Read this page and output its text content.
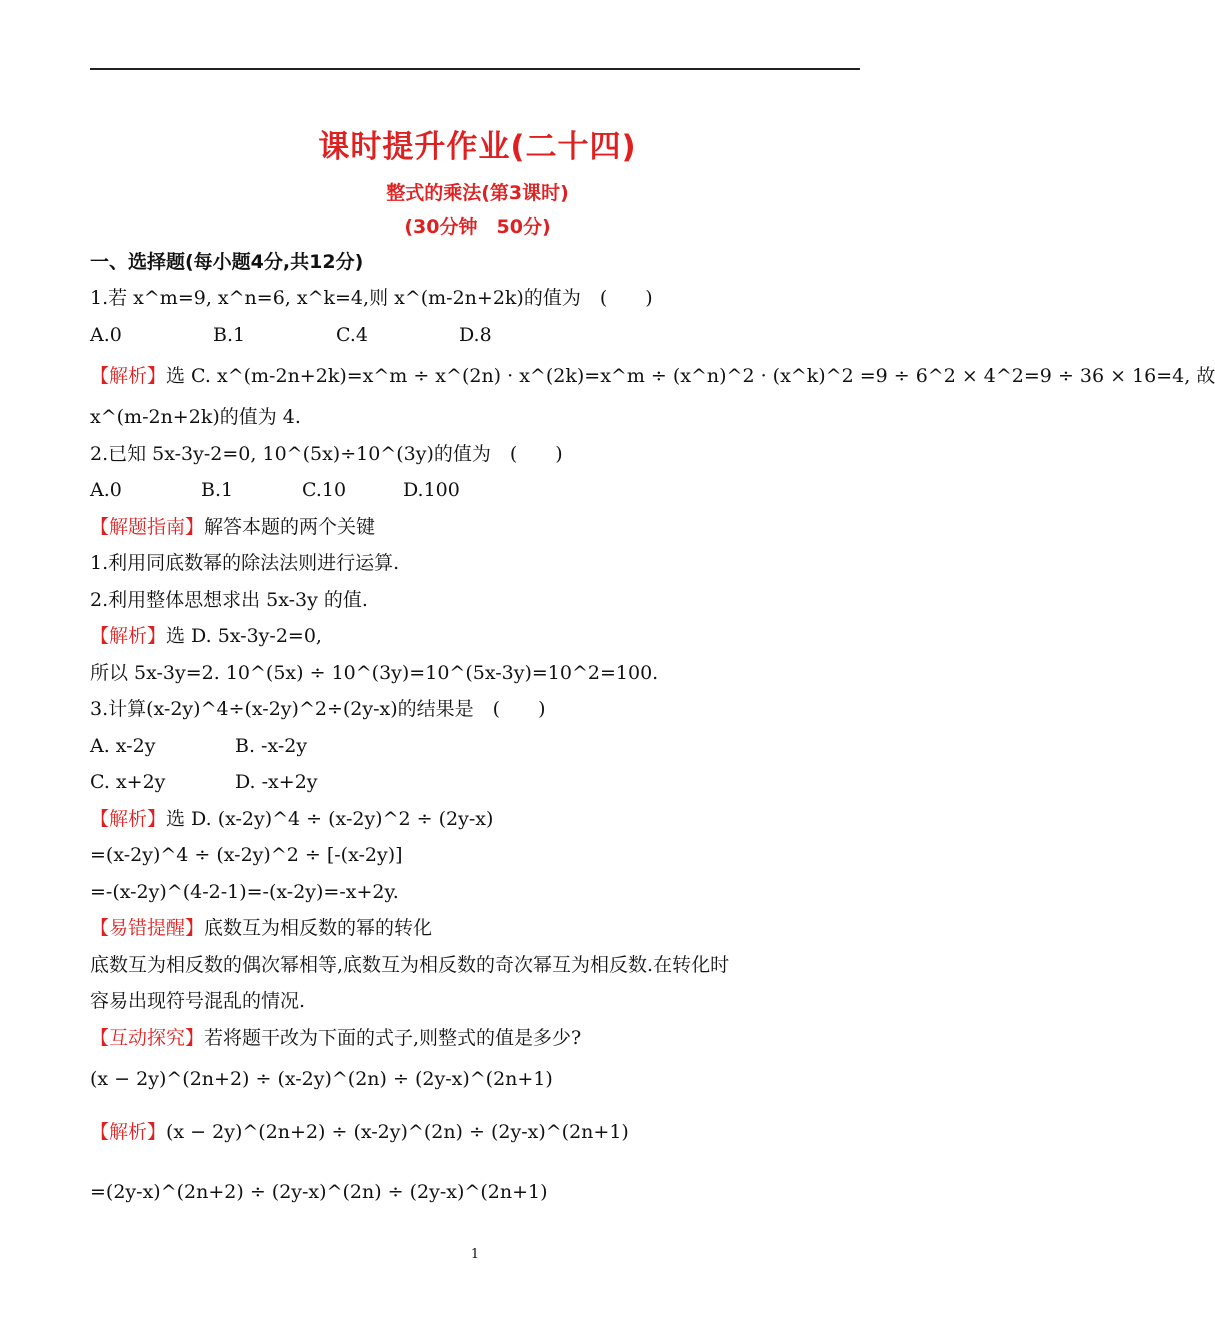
课时提升作业(二十四)
整式的乘法(第3课时)
(30分钟　50分)
一、选择题(每小题4分,共12分)
1.若 x^m=9, x^n=6, x^k=4,则 x^(m-2n+2k)的值为　(　　)
A.0	B.1	C.4	D.8
【解析】选 C. x^(m-2n+2k)=x^m ÷ x^(2n) · x^(2k)=x^m ÷ (x^n)^2 · (x^k)^2 =9 ÷ 6^2 × 4^2=9 ÷ 36 × 16=4, 故
x^(m-2n+2k)的值为 4.
2.已知 5x-3y-2=0, 10^(5x)÷10^(3y)的值为　(　　)
A.0	B.1	C.10	D.100
【解题指南】解答本题的两个关键
1.利用同底数幂的除法法则进行运算.
2.利用整体思想求出 5x-3y 的值.
【解析】选 D. 5x-3y-2=0,
所以 5x-3y=2. 10^(5x) ÷ 10^(3y)=10^(5x-3y)=10^2=100.
3.计算(x-2y)^4÷(x-2y)^2÷(2y-x)的结果是　(　　)
A. x-2y	B. -x-2y
C. x+2y	D. -x+2y
【解析】选 D. (x-2y)^4 ÷ (x-2y)^2 ÷ (2y-x)
=(x-2y)^4 ÷ (x-2y)^2 ÷ [-(x-2y)]
=-(x-2y)^(4-2-1)=-(x-2y)=-x+2y.
【易错提醒】底数互为相反数的幂的转化
底数互为相反数的偶次幂相等,底数互为相反数的奇次幂互为相反数.在转化时
容易出现符号混乱的情况.
【互动探究】若将题干改为下面的式子,则整式的值是多少?
(x − 2y)^(2n+2) ÷ (x-2y)^(2n) ÷ (2y-x)^(2n+1)
【解析】(x − 2y)^(2n+2) ÷ (x-2y)^(2n) ÷ (2y-x)^(2n+1)
=(2y-x)^(2n+2) ÷ (2y-x)^(2n) ÷ (2y-x)^(2n+1)
1
